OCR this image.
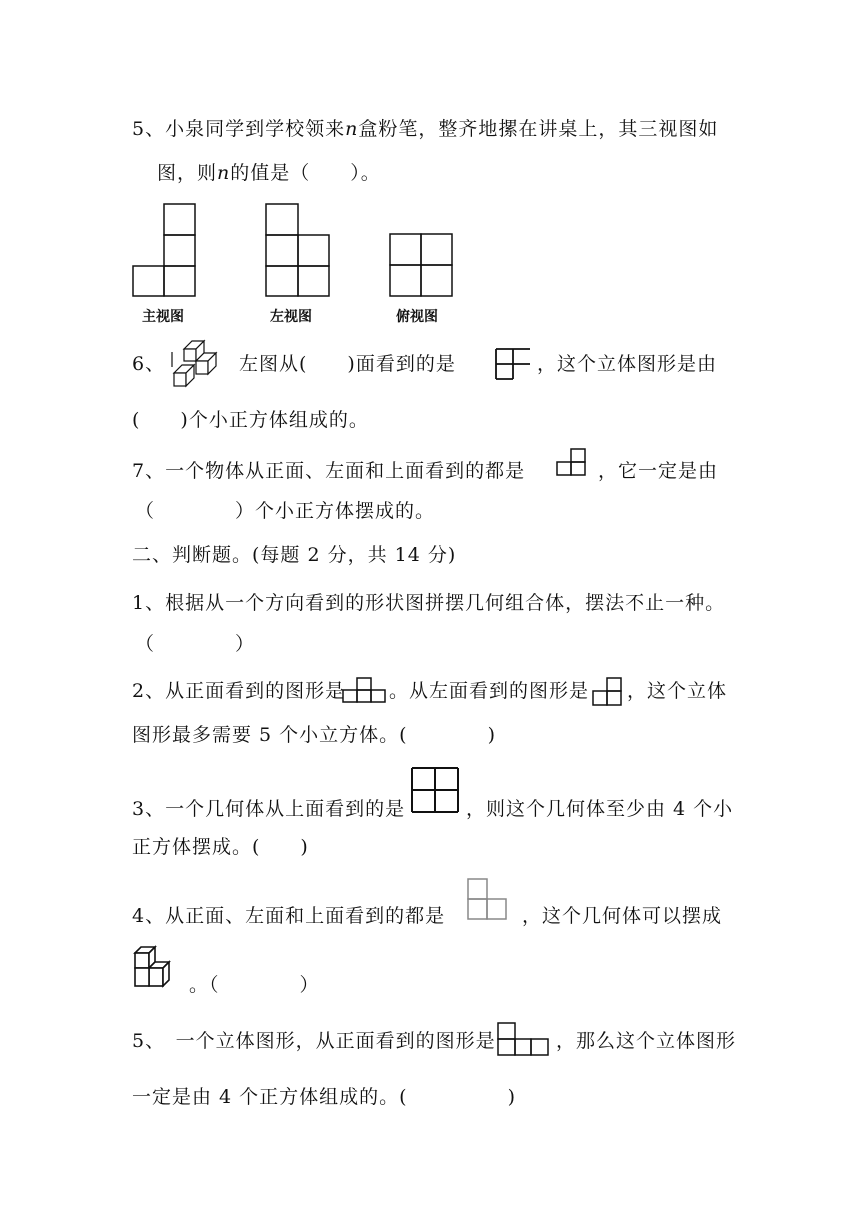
5、小泉同学到学校领来n盒粉笔，整齐地摞在讲桌上，其三视图如
图，则n的值是（　　）。
主视图	左视图	俯视图
6、	左图从(　　)面看到的是	，这个立体图形是由
(　　)个小正方体组成的。
7、一个物体从正面、左面和上面看到的都是	，它一定是由
（　　　　）个小正方体摆成的。
二、判断题。(每题 2 分，共 14 分)
1、根据从一个方向看到的形状图拼摆几何组合体，摆法不止一种。
（　　　　）
2、从正面看到的图形是 。从左面看到的图形是 ，这个立体
图形最多需要 5 个小立方体。(　　　　)
3、一个几何体从上面看到的是	，则这个几何体至少由 4 个小
正方体摆成。(　　)
4、从正面、左面和上面看到的都是	，这个几何体可以摆成
。（　　　　）
5、　一个立体图形，从正面看到的图形是	，那么这个立体图形
一定是由 4 个正方体组成的。(　　　　　)
